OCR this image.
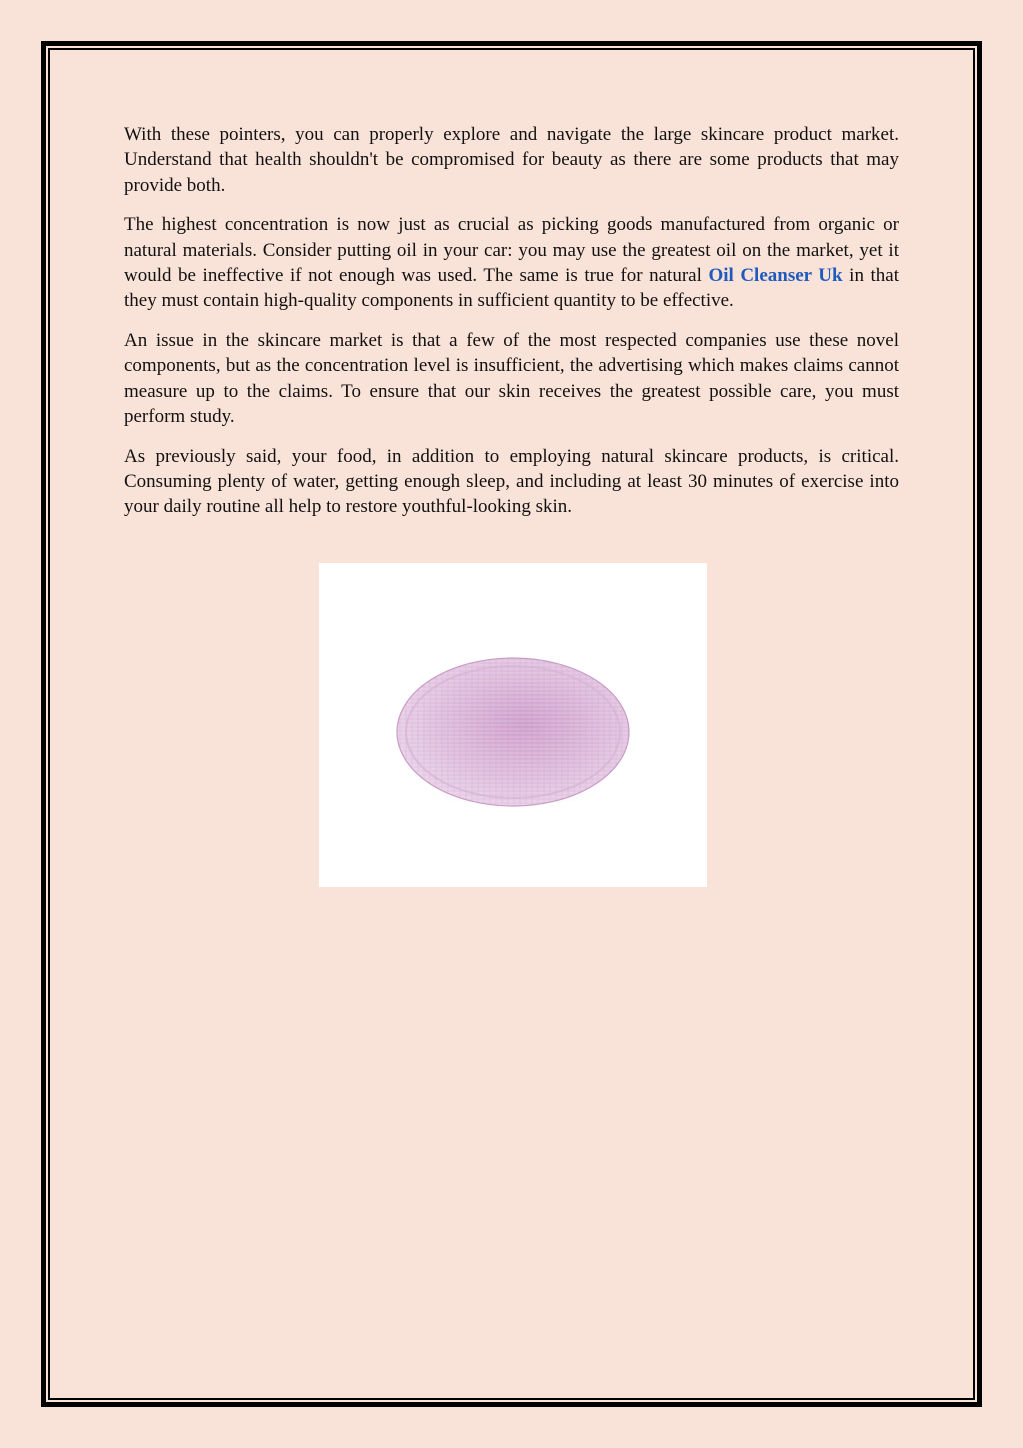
With these pointers, you can properly explore and navigate the large skincare product market. Understand that health shouldn't be compromised for beauty as there are some products that may provide both.

The highest concentration is now just as crucial as picking goods manufactured from organic or natural materials. Consider putting oil in your car: you may use the greatest oil on the market, yet it would be ineffective if not enough was used. The same is true for natural Oil Cleanser Uk in that they must contain high-quality components in sufficient quantity to be effective.

An issue in the skincare market is that a few of the most respected companies use these novel components, but as the concentration level is insufficient, the advertising which makes claims cannot measure up to the claims. To ensure that our skin receives the greatest possible care, you must perform study.

As previously said, your food, in addition to employing natural skincare products, is critical. Consuming plenty of water, getting enough sleep, and including at least 30 minutes of exercise into your daily routine all help to restore youthful-looking skin.
